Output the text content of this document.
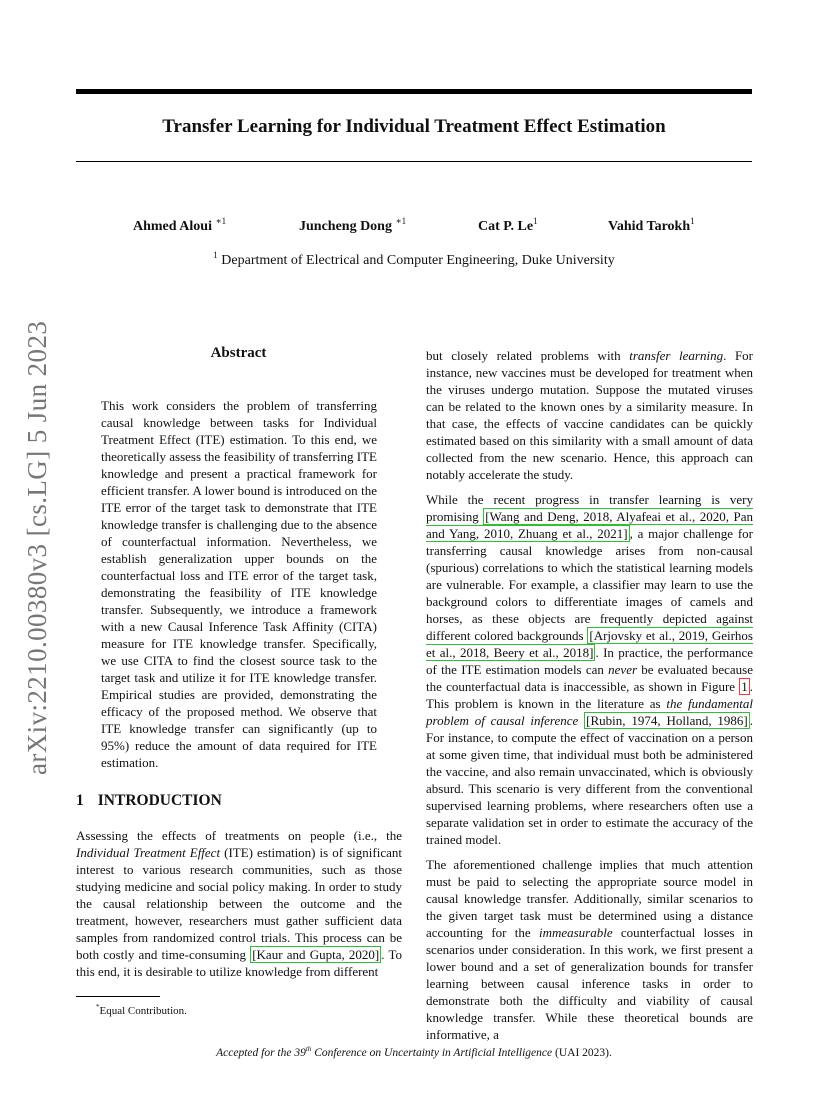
Transfer Learning for Individual Treatment Effect Estimation
Ahmed Aloui $^{∗1}$	Juncheng Dong $^{∗1}$	Cat P. Le$^1$	Vahid Tarokh$^1$
$^1$ Department of Electrical and Computer Engineering, Duke University
arXiv:2210.00380v3 [cs.LG] 5 Jun 2023	Abstract
This work considers the problem of transferring causal knowledge between tasks for Individual Treatment Effect (ITE) estimation. To this end, we theoretically assess the feasibility of transferring ITE knowledge and present a practical framework for efficient transfer. A lower bound is introduced on the ITE error of the target task to demonstrate that ITE knowledge transfer is challenging due to the absence of counterfactual information. Nevertheless, we establish generalization upper bounds on the counterfactual loss and ITE error of the target task, demonstrating the feasibility of ITE knowledge transfer. Subsequently, we introduce a framework with a new Causal Inference Task Affinity (CITA) measure for ITE knowledge transfer. Specifically, we use CITA to find the closest source task to the target task and utilize it for ITE knowledge transfer. Empirical studies are provided, demonstrating the efficacy of the proposed method. We observe that ITE knowledge transfer can significantly (up to 95%) reduce the amount of data required for ITE estimation.
1 INTRODUCTION
Assessing the effects of treatments on people (i.e., the Individual Treatment Effect (ITE) estimation) is of significant interest to various research communities, such as those studying medicine and social policy making. In order to study the causal relationship between the outcome and the treatment, however, researchers must gather sufficient data samples from randomized control trials. This process can be both costly and time-consuming [Kaur and Gupta, 2020] . To this end, it is desirable to utilize knowledge from different

but closely related problems with transfer learning. For instance, new vaccines must be developed for treatment when the viruses undergo mutation. Suppose the mutated viruses can be related to the known ones by a similarity measure. In that case, the effects of vaccine candidates can be quickly estimated based on this similarity with a small amount of data collected from the new scenario. Hence, this approach can notably accelerate the study.

While the recent progress in transfer learning is very promising [Wang and Deng, 2018, Alyafeai et al., 2020, Pan and Yang, 2010, Zhuang et al., 2021] , a major challenge for transferring causal knowledge arises from non-causal (spurious) correlations to which the statistical learning models are vulnerable. For example, a classifier may learn to use the background colors to differentiate images of camels and horses, as these objects are frequently depicted against different colored backgrounds [Arjovsky et al., 2019, Geirhos et al., 2018, Beery et al., 2018] . In practice, the performance of the ITE estimation models can never be evaluated because the counterfactual data is inaccessible, as shown in Figure 1 . This problem is known in the literature as the fundamental problem of causal inference [Rubin, 1974, Holland, 1986] . For instance, to compute the effect of vaccination on a person at some given time, that individual must both be administered the vaccine, and also remain unvaccinated, which is obviously absurd. This scenario is very different from the conventional supervised learning problems, where researchers often use a separate validation set in order to estimate the accuracy of the trained model.

The aforementioned challenge implies that much attention must be paid to selecting the appropriate source model in causal knowledge transfer. Additionally, similar scenarios to the given target task must be determined using a distance accounting for the immeasurable counterfactual losses in scenarios under consideration. In this work, we first present a lower bound and a set of generalization bounds for transfer learning between causal inference tasks in order to demonstrate both the difficulty and viability of causal knowledge transfer. While these theoretical bounds are informative, a

*Equal Contribution.
Accepted for the 39th Conference on Uncertainty in Artificial Intelligence (UAI 2023).
